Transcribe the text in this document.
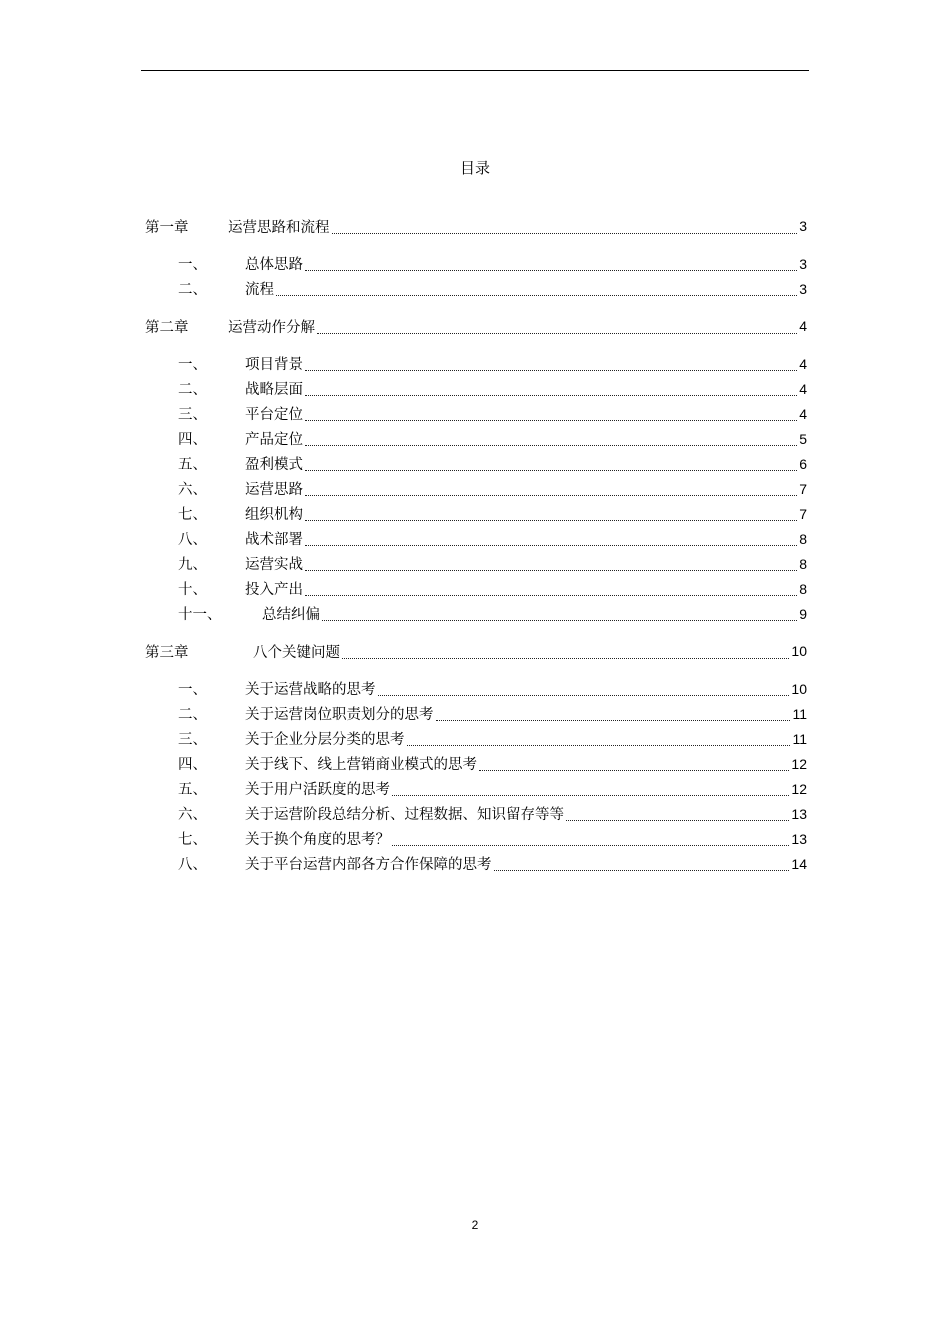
目录
第一章	运营思路和流程	3
一、	总体思路	3
二、	流程	3
第二章	运营动作分解	4
一、	项目背景	4
二、	战略层面	4
三、	平台定位	4
四、	产品定位	5
五、	盈利模式	6
六、	运营思路	7
七、	组织机构	7
八、	战术部署	8
九、	运营实战	8
十、	投入产出	8
十一、	总结纠偏	9
第三章	八个关键问题	10
一、	关于运营战略的思考	10
二、	关于运营岗位职责划分的思考	11
三、	关于企业分层分类的思考	11
四、	关于线下、线上营销商业模式的思考	12
五、	关于用户活跃度的思考	12
六、	关于运营阶段总结分析、过程数据、知识留存等等	13
七、	关于换个角度的思考？	13
八、	关于平台运营内部各方合作保障的思考	14
2
